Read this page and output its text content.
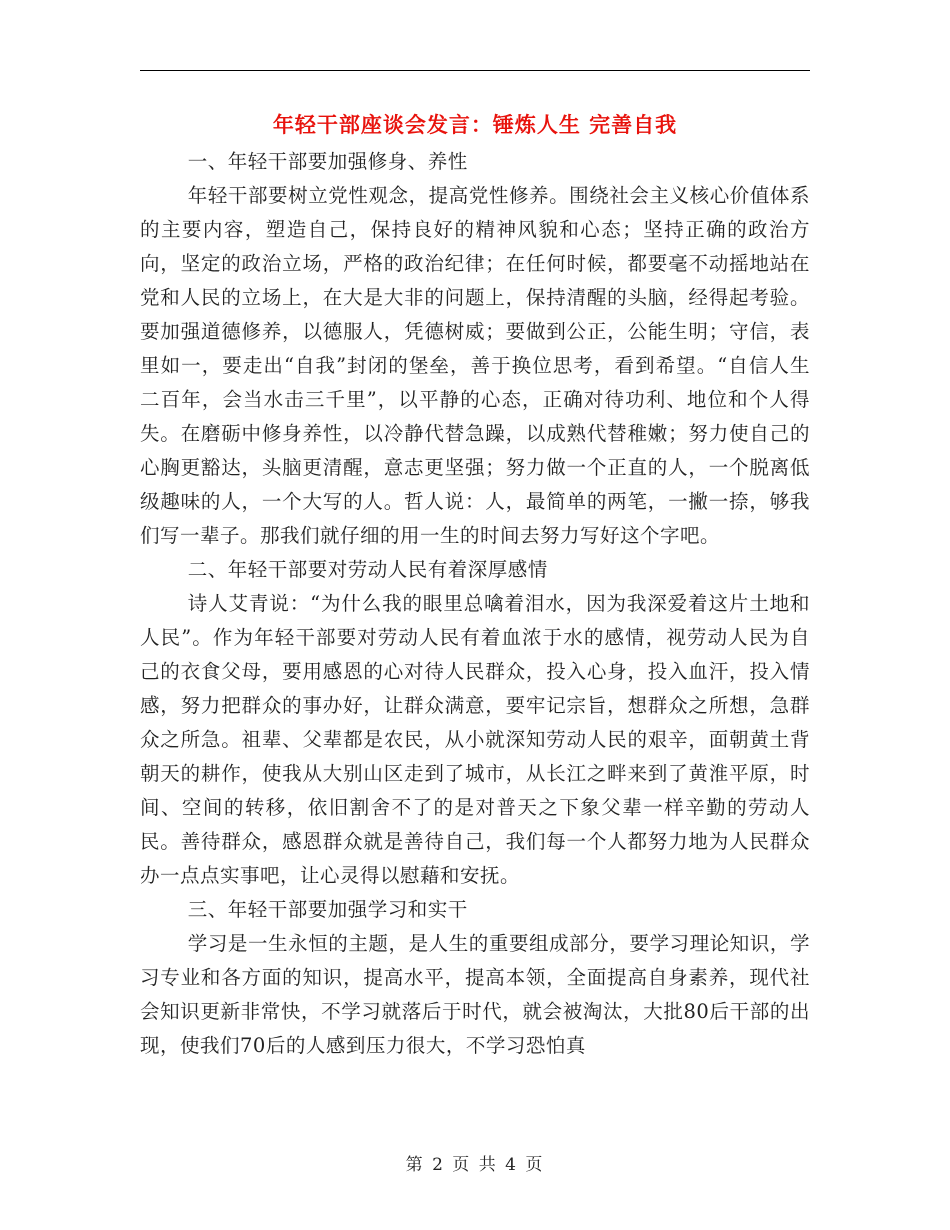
年轻干部座谈会发言：锤炼人生 完善自我

一、年轻干部要加强修身、养性

年轻干部要树立党性观念，提高党性修养。围绕社会主义核心价值体系的主要内容，塑造自己，保持良好的精神风貌和心态；坚持正确的政治方向，坚定的政治立场，严格的政治纪律；在任何时候，都要毫不动摇地站在党和人民的立场上，在大是大非的问题上，保持清醒的头脑，经得起考验。要加强道德修养，以德服人，凭德树威；要做到公正，公能生明；守信，表里如一，要走出“自我”封闭的堡垒，善于换位思考，看到希望。“自信人生二百年，会当水击三千里”，以平静的心态，正确对待功利、地位和个人得失。在磨砺中修身养性，以冷静代替急躁，以成熟代替稚嫩；努力使自己的心胸更豁达，头脑更清醒，意志更坚强；努力做一个正直的人，一个脱离低级趣味的人，一个大写的人。哲人说：人，最简单的两笔，一撇一捺，够我们写一辈子。那我们就仔细的用一生的时间去努力写好这个字吧。

二、年轻干部要对劳动人民有着深厚感情

诗人艾青说：“为什么我的眼里总噙着泪水，因为我深爱着这片土地和人民”。作为年轻干部要对劳动人民有着血浓于水的感情，视劳动人民为自己的衣食父母，要用感恩的心对待人民群众，投入心身，投入血汗，投入情感，努力把群众的事办好，让群众满意，要牢记宗旨，想群众之所想，急群众之所急。祖辈、父辈都是农民，从小就深知劳动人民的艰辛，面朝黄土背朝天的耕作，使我从大别山区走到了城市，从长江之畔来到了黄淮平原，时间、空间的转移，依旧割舍不了的是对普天之下象父辈一样辛勤的劳动人民。善待群众，感恩群众就是善待自己，我们每一个人都努力地为人民群众办一点点实事吧，让心灵得以慰藉和安抚。

三、年轻干部要加强学习和实干

学习是一生永恒的主题，是人生的重要组成部分，要学习理论知识，学习专业和各方面的知识，提高水平，提高本领，全面提高自身素养，现代社会知识更新非常快，不学习就落后于时代，就会被淘汰，大批80后干部的出现，使我们70后的人感到压力很大，不学习恐怕真

第 2 页 共 4 页
